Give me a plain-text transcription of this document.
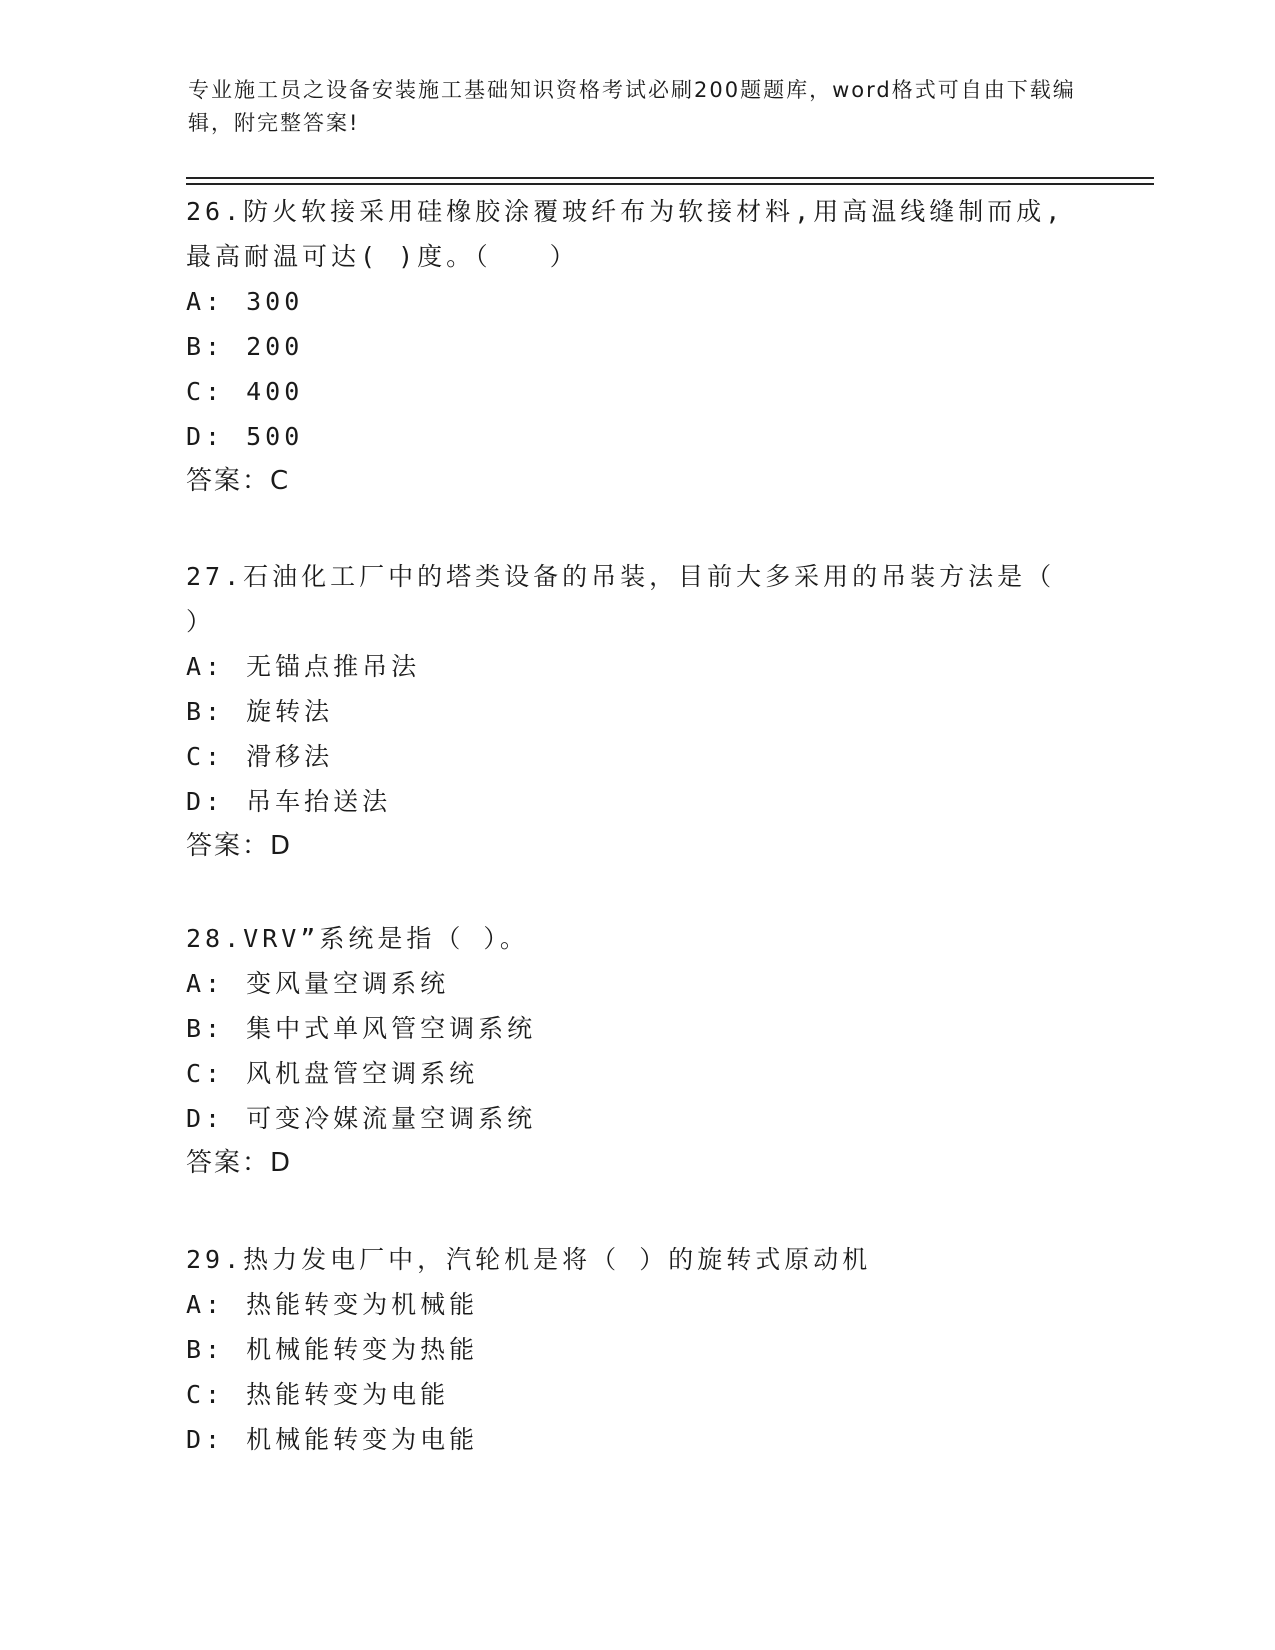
专业施工员之设备安装施工基础知识资格考试必刷200题题库，word格式可自由下载编辑，附完整答案!

26.防火软接采用硅橡胶涂覆玻纤布为软接材料,用高温线缝制而成,最高耐温可达( )度。（　　）

A: 300

B: 200

C: 400

D: 500

答案：C

27.石油化工厂中的塔类设备的吊装，目前大多采用的吊装方法是（ ）

A: 无锚点推吊法

B: 旋转法

C: 滑移法

D: 吊车抬送法

答案：D

28.VRV”系统是指（ ）。

A: 变风量空调系统

B: 集中式单风管空调系统

C: 风机盘管空调系统

D: 可变冷媒流量空调系统

答案：D

29.热力发电厂中，汽轮机是将（ ）的旋转式原动机

A: 热能转变为机械能

B: 机械能转变为热能

C: 热能转变为电能

D: 机械能转变为电能
